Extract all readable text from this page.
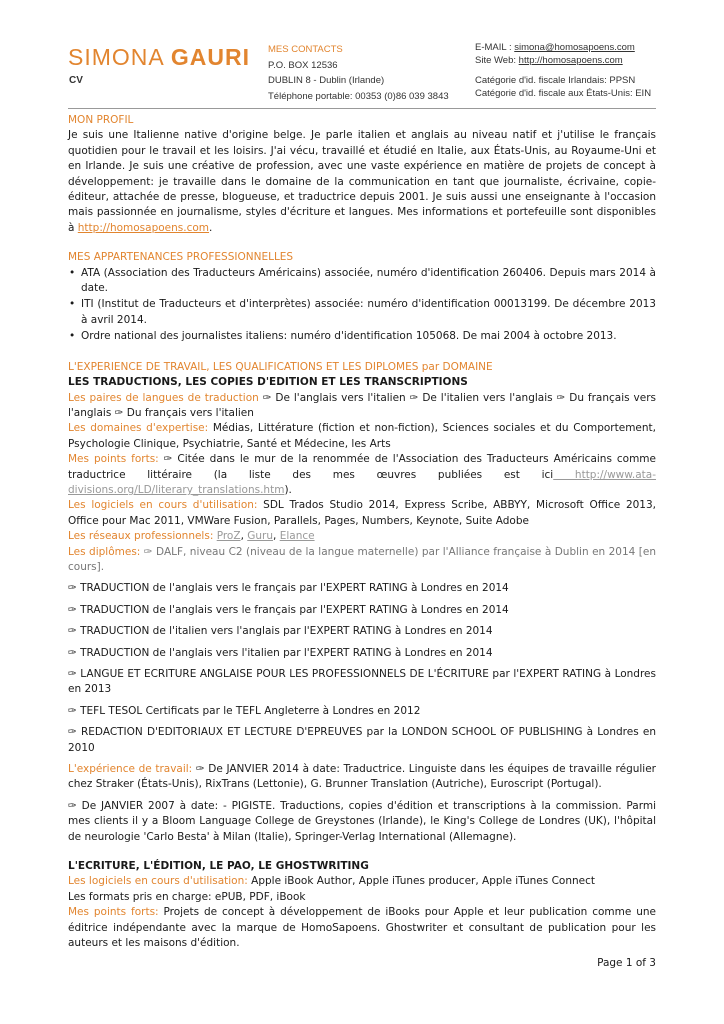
SIMONA GAURI
CV
MES CONTACTS
P.O. BOX 12536
DUBLIN 8 - Dublin (Irlande)
Téléphone portable: 00353 (0)86 039 3843
E-MAIL : simona@homosapoens.com
Site Web: http://homosapoens.com
Catégorie d'id. fiscale Irlandais: PPSN
Catégorie d'id. fiscale aux États-Unis: EIN

MON PROFIL

Je suis une Italienne native d'origine belge. Je parle italien et anglais au niveau natif et j'utilise le français quotidien pour le travail et les loisirs. J'ai vécu, travaillé et étudié en Italie, aux États-Unis, au Royaume-Uni et en Irlande. Je suis une créative de profession, avec une vaste expérience en matière de projets de concept à développement: je travaille dans le domaine de la communication en tant que journaliste, écrivaine, copie-éditeur, attachée de presse, blogueuse, et traductrice depuis 2001. Je suis aussi une enseignante à l'occasion mais passionnée en journalisme, styles d'écriture et langues. Mes informations et portefeuille sont disponibles à http://homosapoens.com.

MES APPARTENANCES PROFESSIONNELLES

• ATA (Association des Traducteurs Américains) associée, numéro d'identification 260406. Depuis mars 2014 à date.
• ITI (Institut de Traducteurs et d'interprètes) associée: numéro d'identification 00013199. De décembre 2013 à avril 2014.
• Ordre national des journalistes italiens: numéro d'identification 105068. De mai 2004 à octobre 2013.

L'EXPERIENCE DE TRAVAIL, LES QUALIFICATIONS ET LES DIPLOMES par DOMAINE

LES TRADUCTIONS, LES COPIES D'EDITION ET LES TRANSCRIPTIONS

Les paires de langues de traduction ✑ De l'anglais vers l'italien ✑ De l'italien vers l'anglais ✑ Du français vers l'anglais ✑ Du français vers l'italien

Les domaines d'expertise: Médias, Littérature (fiction et non-fiction), Sciences sociales et du Comportement, Psychologie Clinique, Psychiatrie, Santé et Médecine, les Arts

Mes points forts: ✑ Citée dans le mur de la renommée de l'Association des Traducteurs Américains comme traductrice littéraire (la liste des mes œuvres publiées est ici http://www.ata-divisions.org/LD/literary_translations.htm).

Les logiciels en cours d'utilisation: SDL Trados Studio 2014, Express Scribe, ABBYY, Microsoft Office 2013, Office pour Mac 2011, VMWare Fusion, Parallels, Pages, Numbers, Keynote, Suite Adobe

Les réseaux professionnels: ProZ, Guru, Elance

Les diplômes: ✑ DALF, niveau C2 (niveau de la langue maternelle) par l'Alliance française à Dublin en 2014 [en cours].

✑ TRADUCTION de l'anglais vers le français par l'EXPERT RATING à Londres en 2014

✑ TRADUCTION de l'anglais vers le français par l'EXPERT RATING à Londres en 2014

✑ TRADUCTION de l'italien vers l'anglais par l'EXPERT RATING à Londres en 2014

✑ TRADUCTION de l'anglais vers l'italien par l'EXPERT RATING à Londres en 2014

✑ LANGUE ET ECRITURE ANGLAISE POUR LES PROFESSIONNELS DE L'ÉCRITURE par l'EXPERT RATING à Londres en 2013

✑ TEFL TESOL Certificats par le TEFL Angleterre à Londres en 2012

✑ REDACTION D'EDITORIAUX ET LECTURE D'EPREUVES par la LONDON SCHOOL OF PUBLISHING à Londres en 2010

L'expérience de travail: ✑ De JANVIER 2014 à date: Traductrice. Linguiste dans les équipes de travaille régulier chez Straker (États-Unis), RixTrans (Lettonie), G. Brunner Translation (Autriche), Euroscript (Portugal).

✑ De JANVIER 2007 à date: - PIGISTE. Traductions, copies d'édition et transcriptions à la commission. Parmi mes clients il y a Bloom Language College de Greystones (Irlande), le King's College de Londres (UK), l'hôpital de neurologie 'Carlo Besta' à Milan (Italie), Springer-Verlag International (Allemagne).

L'ECRITURE, L'ÉDITION, LE PAO, LE GHOSTWRITING

Les logiciels en cours d'utilisation: Apple iBook Author, Apple iTunes producer, Apple iTunes Connect

Les formats pris en charge: ePUB, PDF, iBook

Mes points forts: Projets de concept à développement de iBooks pour Apple et leur publication comme une éditrice indépendante avec la marque de HomoSapoens. Ghostwriter et consultant de publication pour les auteurs et les maisons d'édition.

Page 1 of 3
